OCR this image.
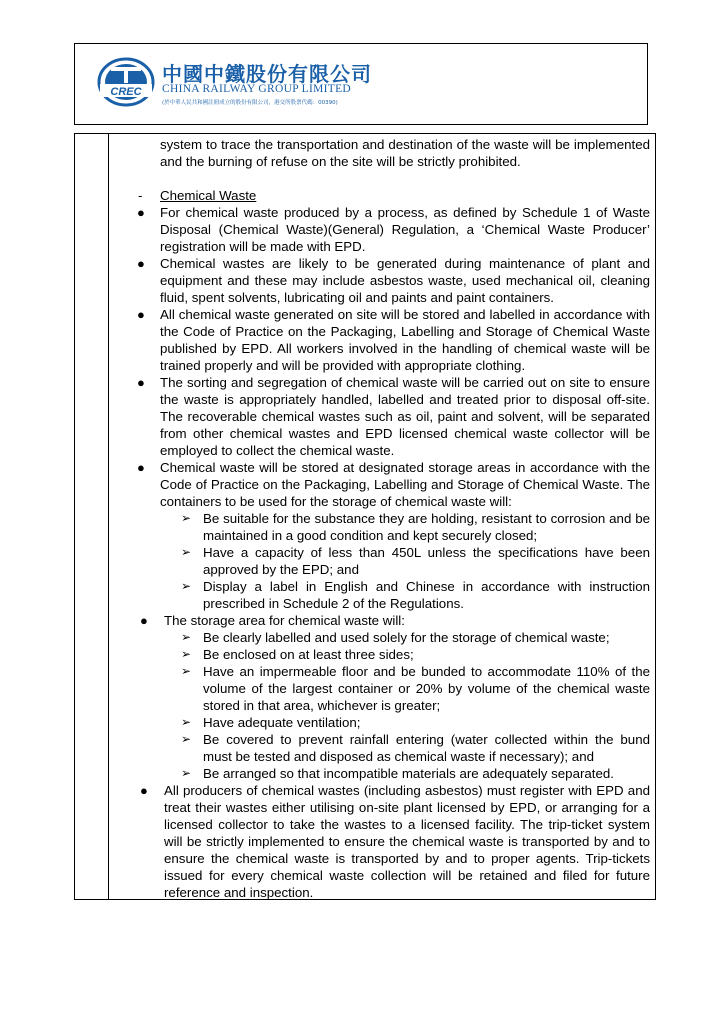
CREC
中國中鐵股份有限公司
CHINA RAILWAY GROUP LIMITED
(於中華人民共和國註冊成立的股份有限公司，港交所股票代碼：00390)

system to trace the transportation and destination of the waste will be implemented and the burning of refuse on the site will be strictly prohibited.

- Chemical Waste
● For chemical waste produced by a process, as defined by Schedule 1 of Waste Disposal (Chemical Waste)(General) Regulation, a ‘Chemical Waste Producer’ registration will be made with EPD.
● Chemical wastes are likely to be generated during maintenance of plant and equipment and these may include asbestos waste, used mechanical oil, cleaning fluid, spent solvents, lubricating oil and paints and paint containers.
● All chemical waste generated on site will be stored and labelled in accordance with the Code of Practice on the Packaging, Labelling and Storage of Chemical Waste published by EPD. All workers involved in the handling of chemical waste will be trained properly and will be provided with appropriate clothing.
● The sorting and segregation of chemical waste will be carried out on site to ensure the waste is appropriately handled, labelled and treated prior to disposal off-site. The recoverable chemical wastes such as oil, paint and solvent, will be separated from other chemical wastes and EPD licensed chemical waste collector will be employed to collect the chemical waste.
● Chemical waste will be stored at designated storage areas in accordance with the Code of Practice on the Packaging, Labelling and Storage of Chemical Waste. The containers to be used for the storage of chemical waste will:
➢ Be suitable for the substance they are holding, resistant to corrosion and be maintained in a good condition and kept securely closed;
➢ Have a capacity of less than 450L unless the specifications have been approved by the EPD; and
➢ Display a label in English and Chinese in accordance with instruction prescribed in Schedule 2 of the Regulations.
● The storage area for chemical waste will:
➢ Be clearly labelled and used solely for the storage of chemical waste;
➢ Be enclosed on at least three sides;
➢ Have an impermeable floor and be bunded to accommodate 110% of the volume of the largest container or 20% by volume of the chemical waste stored in that area, whichever is greater;
➢ Have adequate ventilation;
➢ Be covered to prevent rainfall entering (water collected within the bund must be tested and disposed as chemical waste if necessary); and
➢ Be arranged so that incompatible materials are adequately separated.
● All producers of chemical wastes (including asbestos) must register with EPD and treat their wastes either utilising on-site plant licensed by EPD, or arranging for a licensed collector to take the wastes to a licensed facility. The trip-ticket system will be strictly implemented to ensure the chemical waste is transported by and to ensure the chemical waste is transported by and to proper agents. Trip-tickets issued for every chemical waste collection will be retained and filed for future reference and inspection.
